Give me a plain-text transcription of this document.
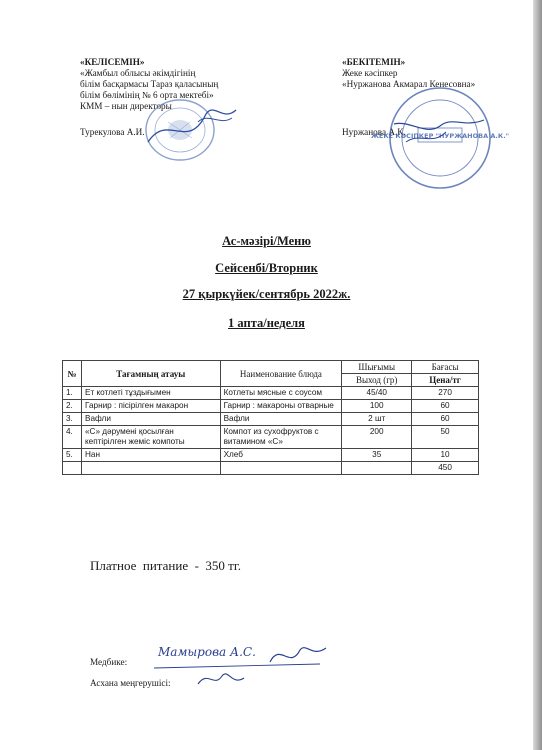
«КЕЛІСЕМІН»
«Жамбыл облысы әкімдігінің
білім басқармасы Тараз қаласының
білім бөлімінің № 6 орта мектебі»
КММ – нын директоры
Турекулова А.И.
«БЕКІТЕМІН»
Жеке кәсіпкер
«Нуржанова Акмарал Кенесовна»
Нуржанова А.К.
ЖЕКЕ КӘСІПКЕР "НУРЖАНОВА А.К."
Ас-мәзірі/Меню
Сейсенбі/Вторник
27 қыркүйек/сентябрь 2022ж.
1 апта/неделя
№	Тағамның атауы	Наименование блюда	Шығымы	Бағасы
			Выход (гр)	Цена/тг
1.	Ет котлеті тұздығымен	Котлеты мясные с соусом	45/40	270
2.	Гарнир : пісірілген макарон	Гарнир : макароны отварные	100	60
3.	Вафли	Вафли	2 шт	60
4.	«С» дәрумені қосылған кептірілген жеміс компоты	Компот из сухофруктов с витамином «С»	200	50
5.	Нан	Хлеб	35	10
				450
Платное  питание  -  350 тг.
Медбике:
Мамырова А.С.
Асхана меңгерушісі:
